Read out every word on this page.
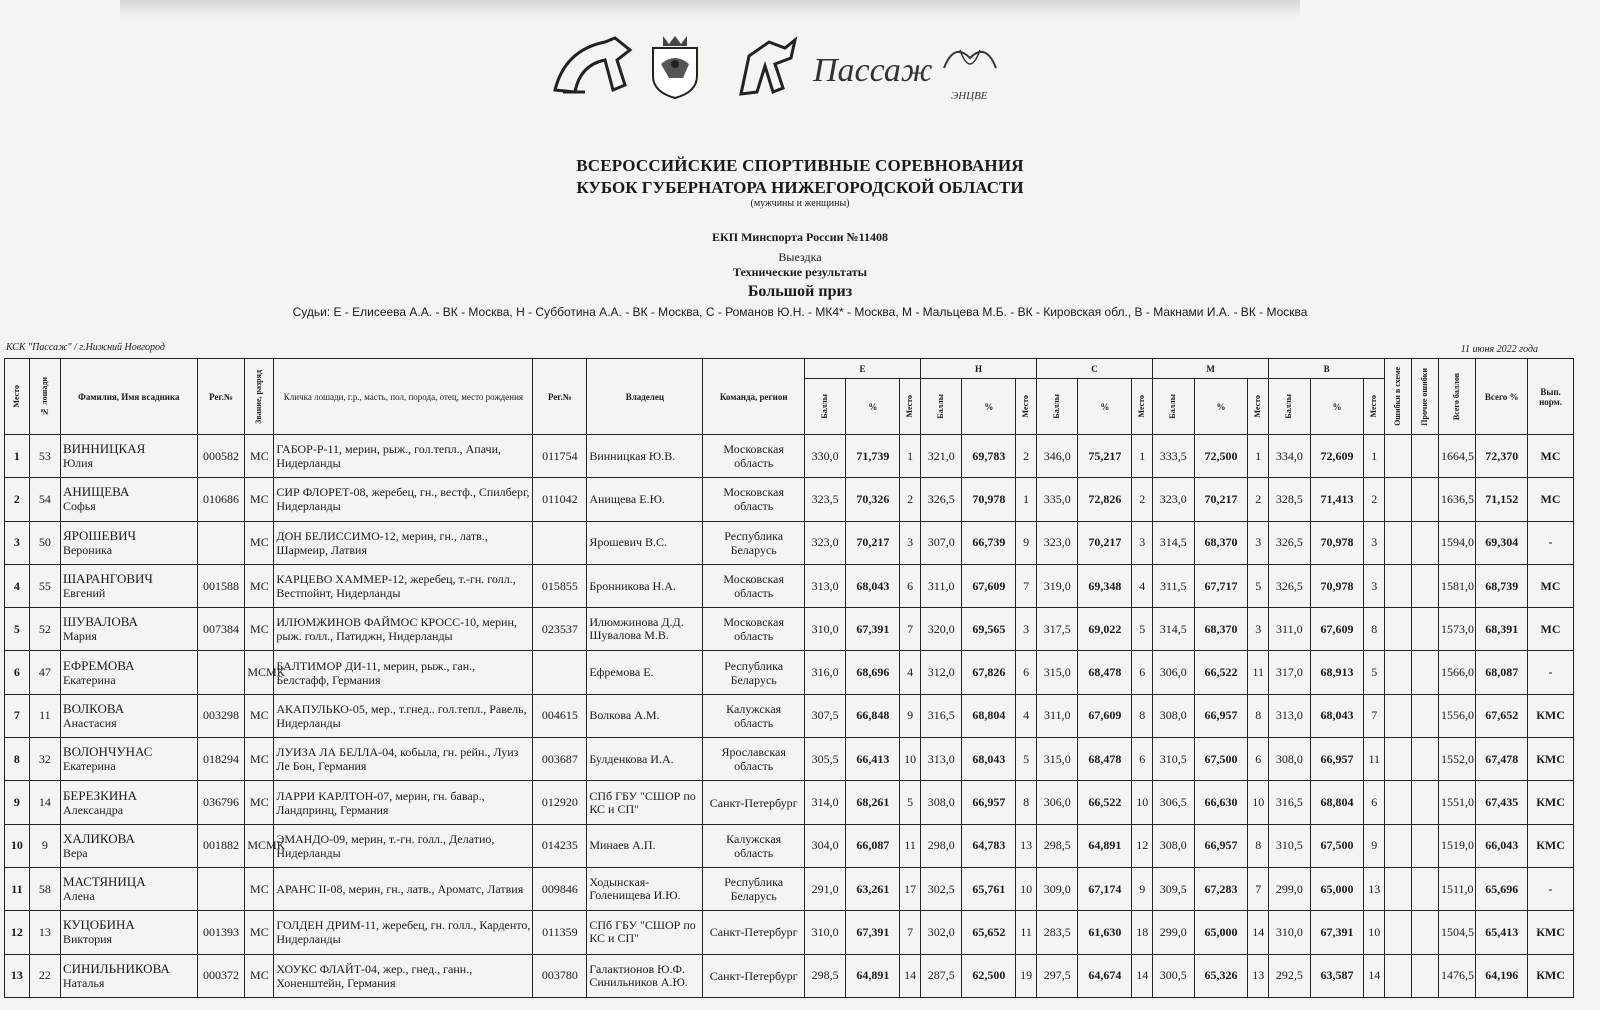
Пассаж
ЭНЦВЕ
ВСЕРОССИЙСКИЕ СПОРТИВНЫЕ СОРЕВНОВАНИЯ
КУБОК ГУБЕРНАТОРА НИЖЕГОРОДСКОЙ ОБЛАСТИ
(мужчины и женщины)
ЕКП Минспорта России №11408
Выездка
Технические результаты
Большой приз
Судьи: Е - Елисеева А.А. - ВК - Москва, Н - Субботина А.А. - ВК - Москва, С - Романов Ю.Н. - МК4* - Москва, М - Мальцева М.Б. - ВК - Кировская обл., В - Макнами И.А. - ВК - Москва
КСК "Пассаж" / г.Нижний Новгород	11 июня 2022 года
Место	№ лошади	Фамилия, Имя всадника	Рег.№	Звание, разряд	Кличка лошади, г.р., масть, пол, порода, отец, место рождения	Рег.№	Владелец	Команда, регион	E			H			C			M			B			Ошибки в схеме	Прочие ошибки	Всего баллов	Всего %	Вып. норм.

									Баллы	%	Место	Баллы	%	Место	Баллы	%	Место	Баллы	%	Место	Баллы	%	Место					

1	53	ВИННИЦКАЯ
Юлия	000582	МС	ГАБОР-Р-11, мерин, рыж., гол.тепл., Апачи, Нидерланды	011754	Винницкая Ю.В.	Московская область	330,0	71,739	1	321,0	69,783	2	346,0	75,217	1	333,5	72,500	1	334,0	72,609	1			1664,5	72,370	МС
2	54	АНИЩЕВА
Софья	010686	МС	СИР ФЛОРЕТ-08, жеребец, гн., вестф., Спилберг, Нидерланды	011042	Анищева Е.Ю.	Московская область	323,5	70,326	2	326,5	70,978	1	335,0	72,826	2	323,0	70,217	2	328,5	71,413	2			1636,5	71,152	МС
3	50	ЯРОШЕВИЧ
Вероника		МС	ДОН БЕЛИССИМО-12, мерин, гн., латв., Шармеир, Латвия		Ярошевич В.С.	Республика Беларусь	323,0	70,217	3	307,0	66,739	9	323,0	70,217	3	314,5	68,370	3	326,5	70,978	3			1594,0	69,304	-
4	55	ШАРАНГОВИЧ
Евгений	001588	МС	КАРЦЕВО ХАММЕР-12, жеребец, т.-гн. голл., Вестпойнт, Нидерланды	015855	Бронникова Н.А.	Московская область	313,0	68,043	6	311,0	67,609	7	319,0	69,348	4	311,5	67,717	5	326,5	70,978	3			1581,0	68,739	МС
5	52	ШУВАЛОВА
Мария	007384	МС	ИЛЮМЖИНОВ ФАЙМОС КРОСС-10, мерин, рыж. голл., Патиджн, Нидерланды	023537	Илюмжинова Д.Д. Шувалова М.В.	Московская область	310,0	67,391	7	320,0	69,565	3	317,5	69,022	5	314,5	68,370	3	311,0	67,609	8			1573,0	68,391	МС
6	47	ЕФРЕМОВА
Екатерина		МСМК	БАЛТИМОР ДИ-11, мерин, рыж., ган., Белстафф, Германия		Ефремова Е.	Республика Беларусь	316,0	68,696	4	312,0	67,826	6	315,0	68,478	6	306,0	66,522	11	317,0	68,913	5			1566,0	68,087	-
7	11	ВОЛКОВА
Анастасия	003298	МС	АКАПУЛЬКО-05, мер., т.гнед.. гол.тепл., Равель, Нидерланды	004615	Волкова А.М.	Калужская область	307,5	66,848	9	316,5	68,804	4	311,0	67,609	8	308,0	66,957	8	313,0	68,043	7			1556,0	67,652	КМС
8	32	ВОЛОНЧУНАС
Екатерина	018294	МС	ЛУИЗА ЛА БЕЛЛА-04, кобыла, гн. рейн., Луиз Ле Бон, Германия	003687	Булденкова И.А.	Ярославская область	305,5	66,413	10	313,0	68,043	5	315,0	68,478	6	310,5	67,500	6	308,0	66,957	11			1552,0	67,478	КМС
9	14	БЕРЕЗКИНА
Александра	036796	МС	ЛАРРИ КАРЛТОН-07, мерин, гн. бавар., Ландпринц, Германия	012920	СПб ГБУ "СШОР по КС и СП"	Санкт-Петербург	314,0	68,261	5	308,0	66,957	8	306,0	66,522	10	306,5	66,630	10	316,5	68,804	6			1551,0	67,435	КМС
10	9	ХАЛИКОВА
Вера	001882	МСМК	ЭМАНДО-09, мерин, т.-гн. голл., Делатио, Нидерланды	014235	Минаев А.П.	Калужская область	304,0	66,087	11	298,0	64,783	13	298,5	64,891	12	308,0	66,957	8	310,5	67,500	9			1519,0	66,043	КМС
11	58	МАСТЯНИЦА
Алена		МС	АРАНС II-08, мерин, гн., латв., Ароматс, Латвия	009846	Ходынская-Голенищева И.Ю.	Республика Беларусь	291,0	63,261	17	302,5	65,761	10	309,0	67,174	9	309,5	67,283	7	299,0	65,000	13			1511,0	65,696	-
12	13	КУЦОБИНА
Виктория	001393	МС	ГОЛДЕН ДРИМ-11, жеребец, гн. голл., Карденто, Нидерланды	011359	СПб ГБУ "СШОР по КС и СП"	Санкт-Петербург	310,0	67,391	7	302,0	65,652	11	283,5	61,630	18	299,0	65,000	14	310,0	67,391	10			1504,5	65,413	КМС
13	22	СИНИЛЬНИКОВА
Наталья	000372	МС	ХОУКС ФЛАЙТ-04, жер., гнед., ганн., Хоненштейн, Германия	003780	Галактионов Ю.Ф. Синильников А.Ю.	Санкт-Петербург	298,5	64,891	14	287,5	62,500	19	297,5	64,674	14	300,5	65,326	13	292,5	63,587	14			1476,5	64,196	КМС
